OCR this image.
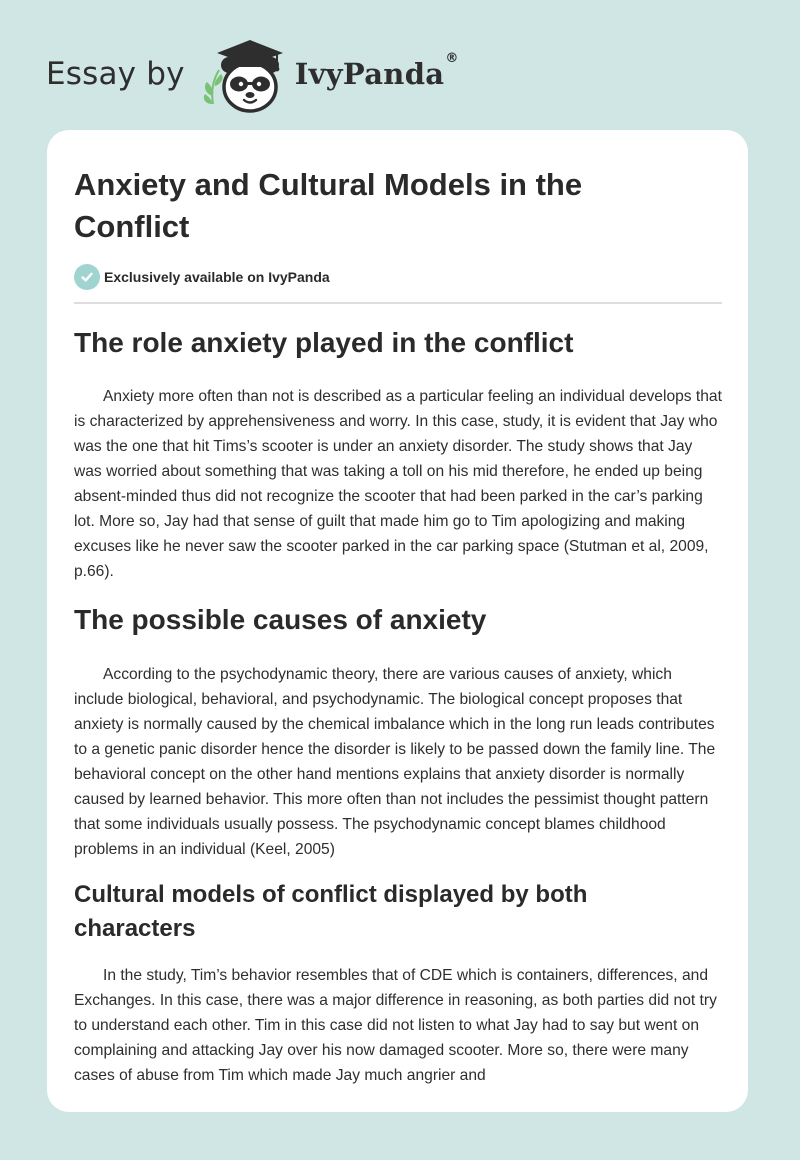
Essay by	IvyPanda®
Anxiety and Cultural Models in the Conflict
Exclusively available on IvyPanda
The role anxiety played in the conflict

Anxiety more often than not is described as a particular feeling an individual develops that is characterized by apprehensiveness and worry. In this case, study, it is evident that Jay who was the one that hit Tims’s scooter is under an anxiety disorder. The study shows that Jay was worried about something that was taking a toll on his mid therefore, he ended up being absent-minded thus did not recognize the scooter that had been parked in the car’s parking lot. More so, Jay had that sense of guilt that made him go to Tim apologizing and making excuses like he never saw the scooter parked in the car parking space (Stutman et al, 2009, p.66).

The possible causes of anxiety

According to the psychodynamic theory, there are various causes of anxiety, which include biological, behavioral, and psychodynamic. The biological concept proposes that anxiety is normally caused by the chemical imbalance which in the long run leads contributes to a genetic panic disorder hence the disorder is likely to be passed down the family line. The behavioral concept on the other hand mentions explains that anxiety disorder is normally caused by learned behavior. This more often than not includes the pessimist thought pattern that some individuals usually possess. The psychodynamic concept blames childhood problems in an individual (Keel, 2005)

Cultural models of conflict displayed by both characters

In the study, Tim’s behavior resembles that of CDE which is containers, differences, and Exchanges. In this case, there was a major difference in reasoning, as both parties did not try to understand each other. Tim in this case did not listen to what Jay had to say but went on complaining and attacking Jay over his now damaged scooter. More so, there were many cases of abuse from Tim which made Jay much angrier and
